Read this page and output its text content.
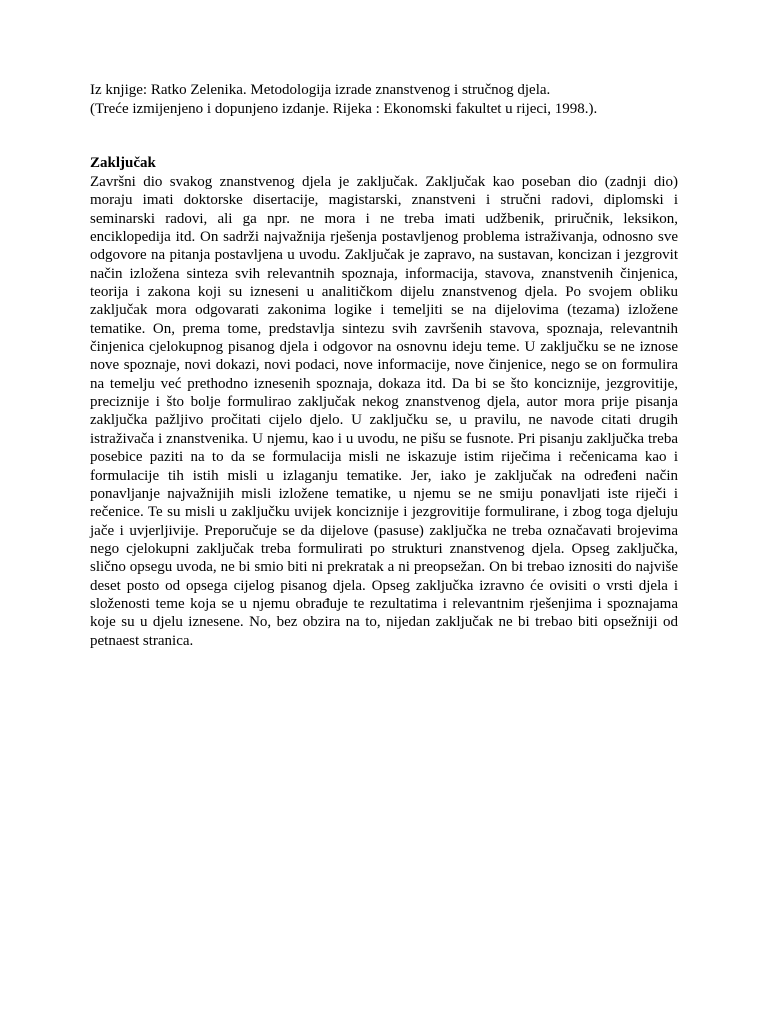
Iz knjige: Ratko Zelenika. Metodologija izrade znanstvenog i stručnog djela.

(Treće izmijenjeno i dopunjeno izdanje. Rijeka : Ekonomski fakultet u rijeci, 1998.).

Zaključak

Završni dio svakog znanstvenog djela je zaključak. Zaključak kao poseban dio (zadnji dio) moraju imati doktorske disertacije, magistarski, znanstveni i stručni radovi, diplomski i seminarski radovi, ali ga npr. ne mora i ne treba imati udžbenik, priručnik, leksikon, enciklopedija itd. On sadrži najvažnija rješenja postavljenog problema istraživanja, odnosno sve odgovore na pitanja postavljena u uvodu. Zaključak je zapravo, na sustavan, koncizan i jezgrovit način izložena sinteza svih relevantnih spoznaja, informacija, stavova, znanstvenih činjenica, teorija i zakona koji su izneseni u analitičkom dijelu znanstvenog djela. Po svojem obliku zaključak mora odgovarati zakonima logike i temeljiti se na dijelovima (tezama) izložene tematike. On, prema tome, predstavlja sintezu svih završenih stavova, spoznaja, relevantnih činjenica cjelokupnog pisanog djela i odgovor na osnovnu ideju teme. U zaključku se ne iznose nove spoznaje, novi dokazi, novi podaci, nove informacije, nove činjenice, nego se on formulira na temelju već prethodno iznesenih spoznaja, dokaza itd. Da bi se što konciznije, jezgrovitije, preciznije i što bolje formulirao zaključak nekog znanstvenog djela, autor mora prije pisanja zaključka pažljivo pročitati cijelo djelo. U zaključku se, u pravilu, ne navode citati drugih istraživača i znanstvenika. U njemu, kao i u uvodu, ne pišu se fusnote. Pri pisanju zaključka treba posebice paziti na to da se formulacija misli ne iskazuje istim riječima i rečenicama kao i formulacije tih istih misli u izlaganju tematike. Jer, iako je zaključak na određeni način ponavljanje najvažnijih misli izložene tematike, u njemu se ne smiju ponavljati iste riječi i rečenice. Te su misli u zaključku uvijek konciznije i jezgrovitije formulirane, i zbog toga djeluju jače i uvjerljivije. Preporučuje se da dijelove (pasuse) zaključka ne treba označavati brojevima nego cjelokupni zaključak treba formulirati po strukturi znanstvenog djela. Opseg zaključka, slično opsegu uvoda, ne bi smio biti ni prekratak a ni preopsežan. On bi trebao iznositi do najviše deset posto od opsega cijelog pisanog djela. Opseg zaključka izravno će ovisiti o vrsti djela i složenosti teme koja se u njemu obrađuje te rezultatima i relevantnim rješenjima i spoznajama koje su u djelu iznesene. No, bez obzira na to, nijedan zaključak ne bi trebao biti opsežniji od petnaest stranica.
